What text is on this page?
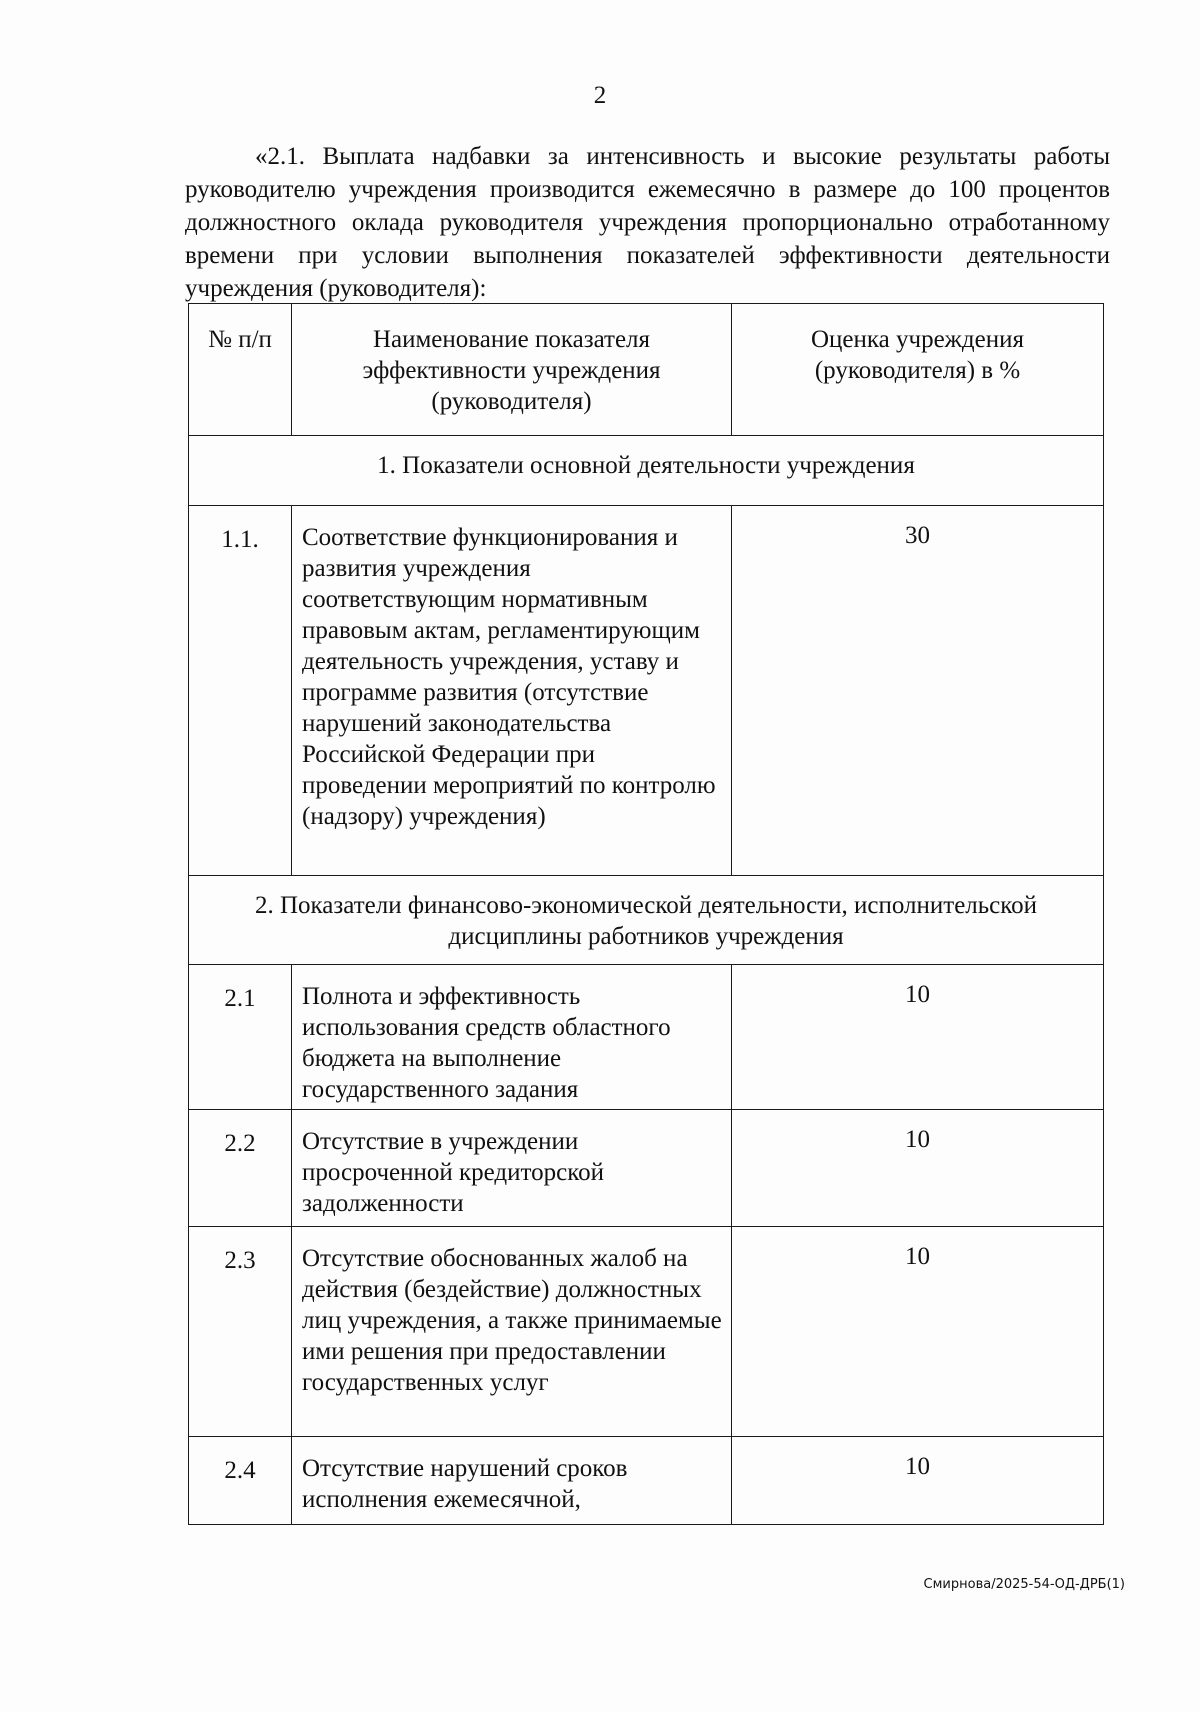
2

«2.1. Выплата надбавки за интенсивность и высокие результаты работы руководителю учреждения производится ежемесячно в размере до 100 процентов должностного оклада руководителя учреждения пропорционально отработанному времени при условии выполнения показателей эффективности деятельности учреждения (руководителя):

№ п/п	Наименование показателя эффективности учреждения (руководителя)	Оценка учреждения (руководителя) в %
1. Показатели основной деятельности учреждения		
1.1.	Соответствие функционирования и развития учреждения соответствующим нормативным правовым актам, регламентирующим деятельность учреждения, уставу и программе развития (отсутствие нарушений законодательства Российской Федерации при проведении мероприятий по контролю (надзору) учреждения)	30
2. Показатели финансово-экономической деятельности, исполнительской дисциплины работников учреждения		
2.1	Полнота и эффективность использования средств областного бюджета на выполнение государственного задания	10
2.2	Отсутствие в учреждении просроченной кредиторской задолженности	10
2.3	Отсутствие обоснованных жалоб на действия (бездействие) должностных лиц учреждения, а также принимаемые ими решения при предоставлении государственных услуг	10
2.4	Отсутствие нарушений сроков исполнения ежемесячной,	10
Смирнова/2025-54-ОД-ДРБ(1)
